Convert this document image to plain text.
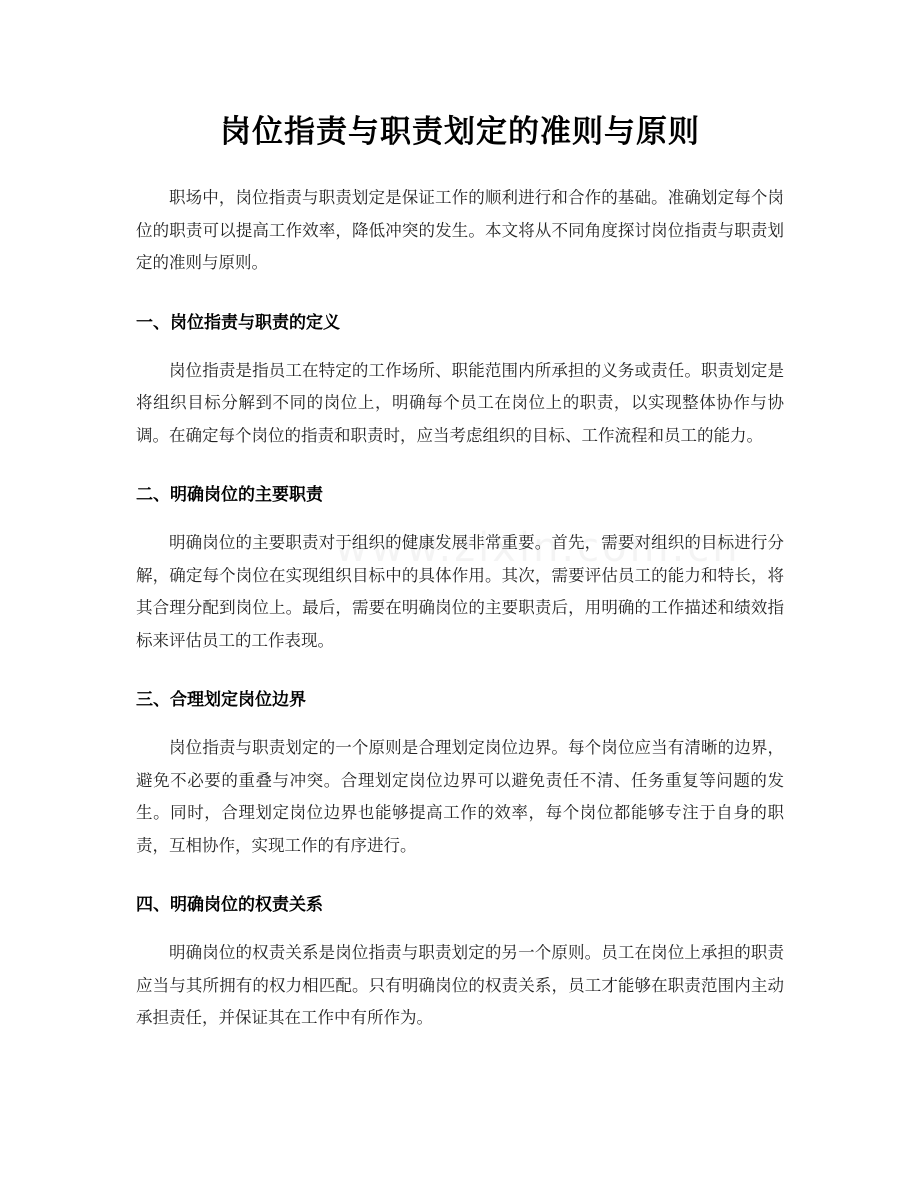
岗位指责与职责划定的准则与原则

职场中，岗位指责与职责划定是保证工作的顺利进行和合作的基础。准确划定每个岗位的职责可以提高工作效率，降低冲突的发生。本文将从不同角度探讨岗位指责与职责划定的准则与原则。

一、岗位指责与职责的定义

岗位指责是指员工在特定的工作场所、职能范围内所承担的义务或责任。职责划定是将组织目标分解到不同的岗位上，明确每个员工在岗位上的职责，以实现整体协作与协调。在确定每个岗位的指责和职责时，应当考虑组织的目标、工作流程和员工的能力。

二、明确岗位的主要职责

明确岗位的主要职责对于组织的健康发展非常重要。首先，需要对组织的目标进行分解，确定每个岗位在实现组织目标中的具体作用。其次，需要评估员工的能力和特长，将其合理分配到岗位上。最后，需要在明确岗位的主要职责后，用明确的工作描述和绩效指标来评估员工的工作表现。

三、合理划定岗位边界

岗位指责与职责划定的一个原则是合理划定岗位边界。每个岗位应当有清晰的边界，避免不必要的重叠与冲突。合理划定岗位边界可以避免责任不清、任务重复等问题的发生。同时，合理划定岗位边界也能够提高工作的效率，每个岗位都能够专注于自身的职责，互相协作，实现工作的有序进行。

四、明确岗位的权责关系

明确岗位的权责关系是岗位指责与职责划定的另一个原则。员工在岗位上承担的职责应当与其所拥有的权力相匹配。只有明确岗位的权责关系，员工才能够在职责范围内主动承担责任，并保证其在工作中有所作为。
